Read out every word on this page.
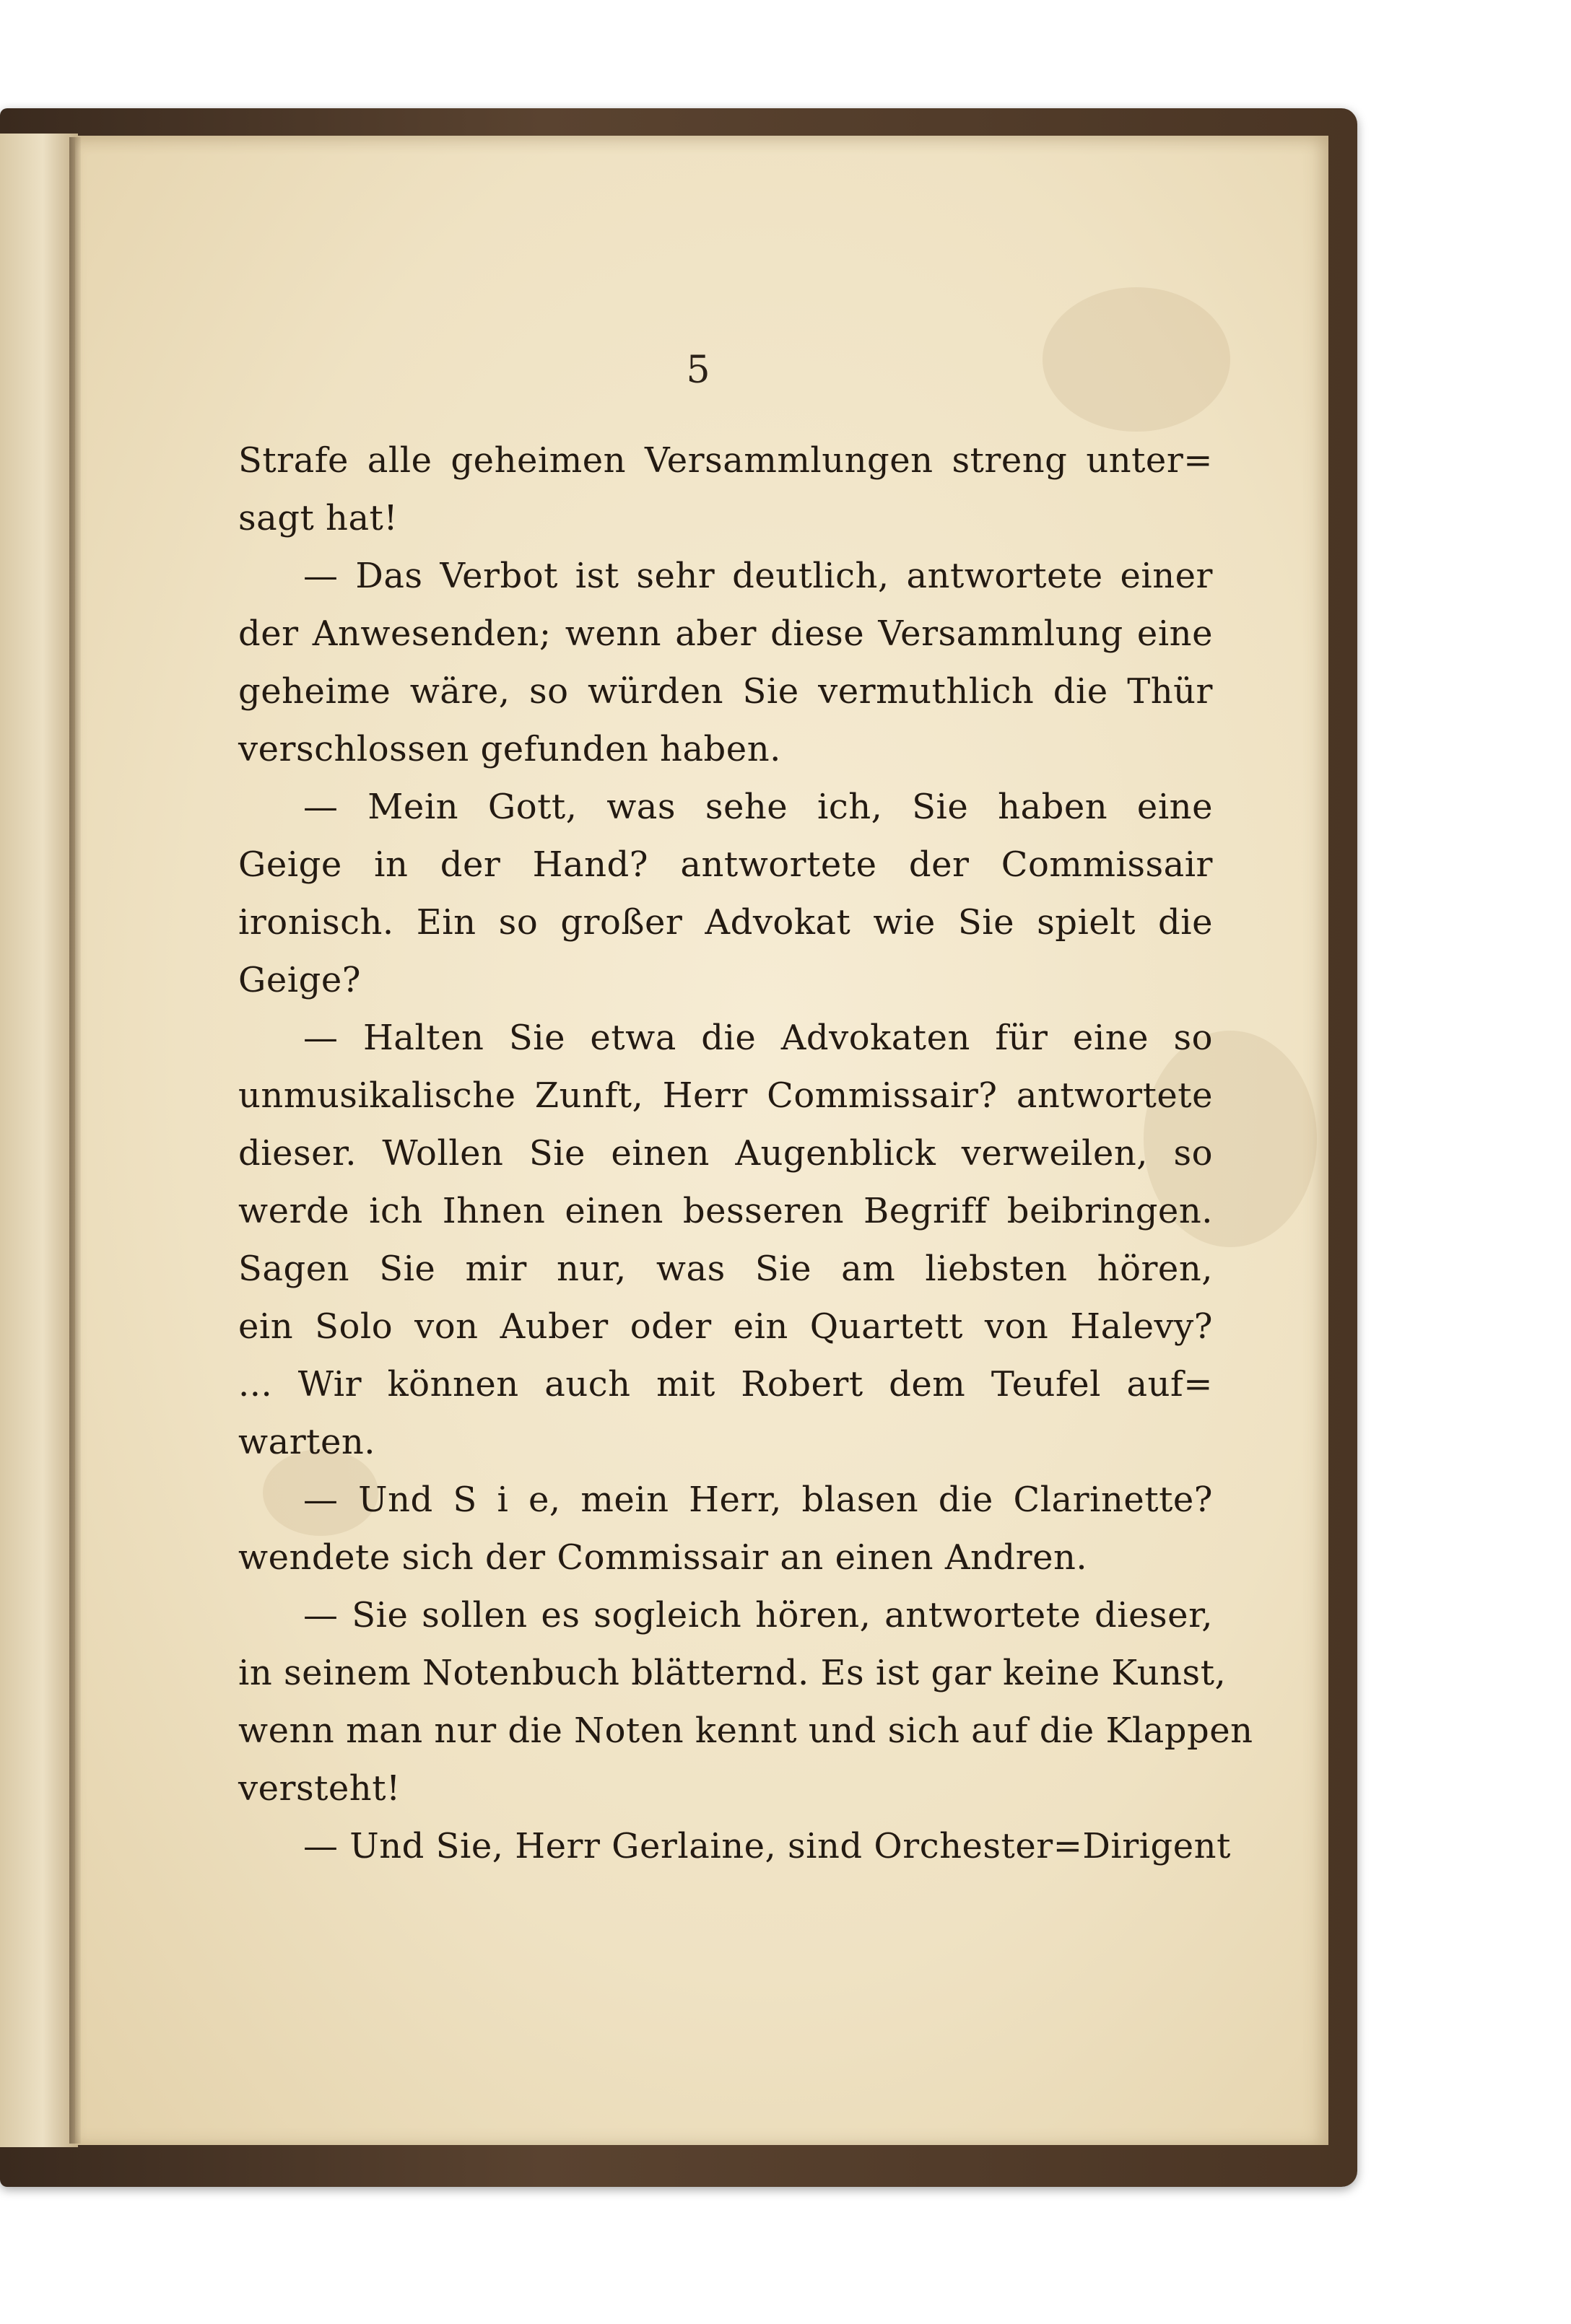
5
Strafe alle geheimen Versammlungen streng unter=
sagt hat!
— Das Verbot ist sehr deutlich, antwortete einer
der Anwesenden; wenn aber diese Versammlung eine
geheime wäre, so würden Sie vermuthlich die Thür
verschlossen gefunden haben.
— Mein Gott, was sehe ich, Sie haben eine
Geige in der Hand? antwortete der Commissair
ironisch. Ein so großer Advokat wie Sie spielt die
Geige?
— Halten Sie etwa die Advokaten für eine so
unmusikalische Zunft, Herr Commissair? antwortete
dieser. Wollen Sie einen Augenblick verweilen, so
werde ich Ihnen einen besseren Begriff beibringen.
Sagen Sie mir nur, was Sie am liebsten hören,
ein Solo von Auber oder ein Quartett von Halevy?
... Wir können auch mit Robert dem Teufel auf=
warten.
— Und S i e, mein Herr, blasen die Clarinette?
wendete sich der Commissair an einen Andren.
— Sie sollen es sogleich hören, antwortete dieser,
in seinem Notenbuch blätternd. Es ist gar keine Kunst,
wenn man nur die Noten kennt und sich auf die Klappen
versteht!
— Und Sie, Herr Gerlaine, sind Orchester=Dirigent
